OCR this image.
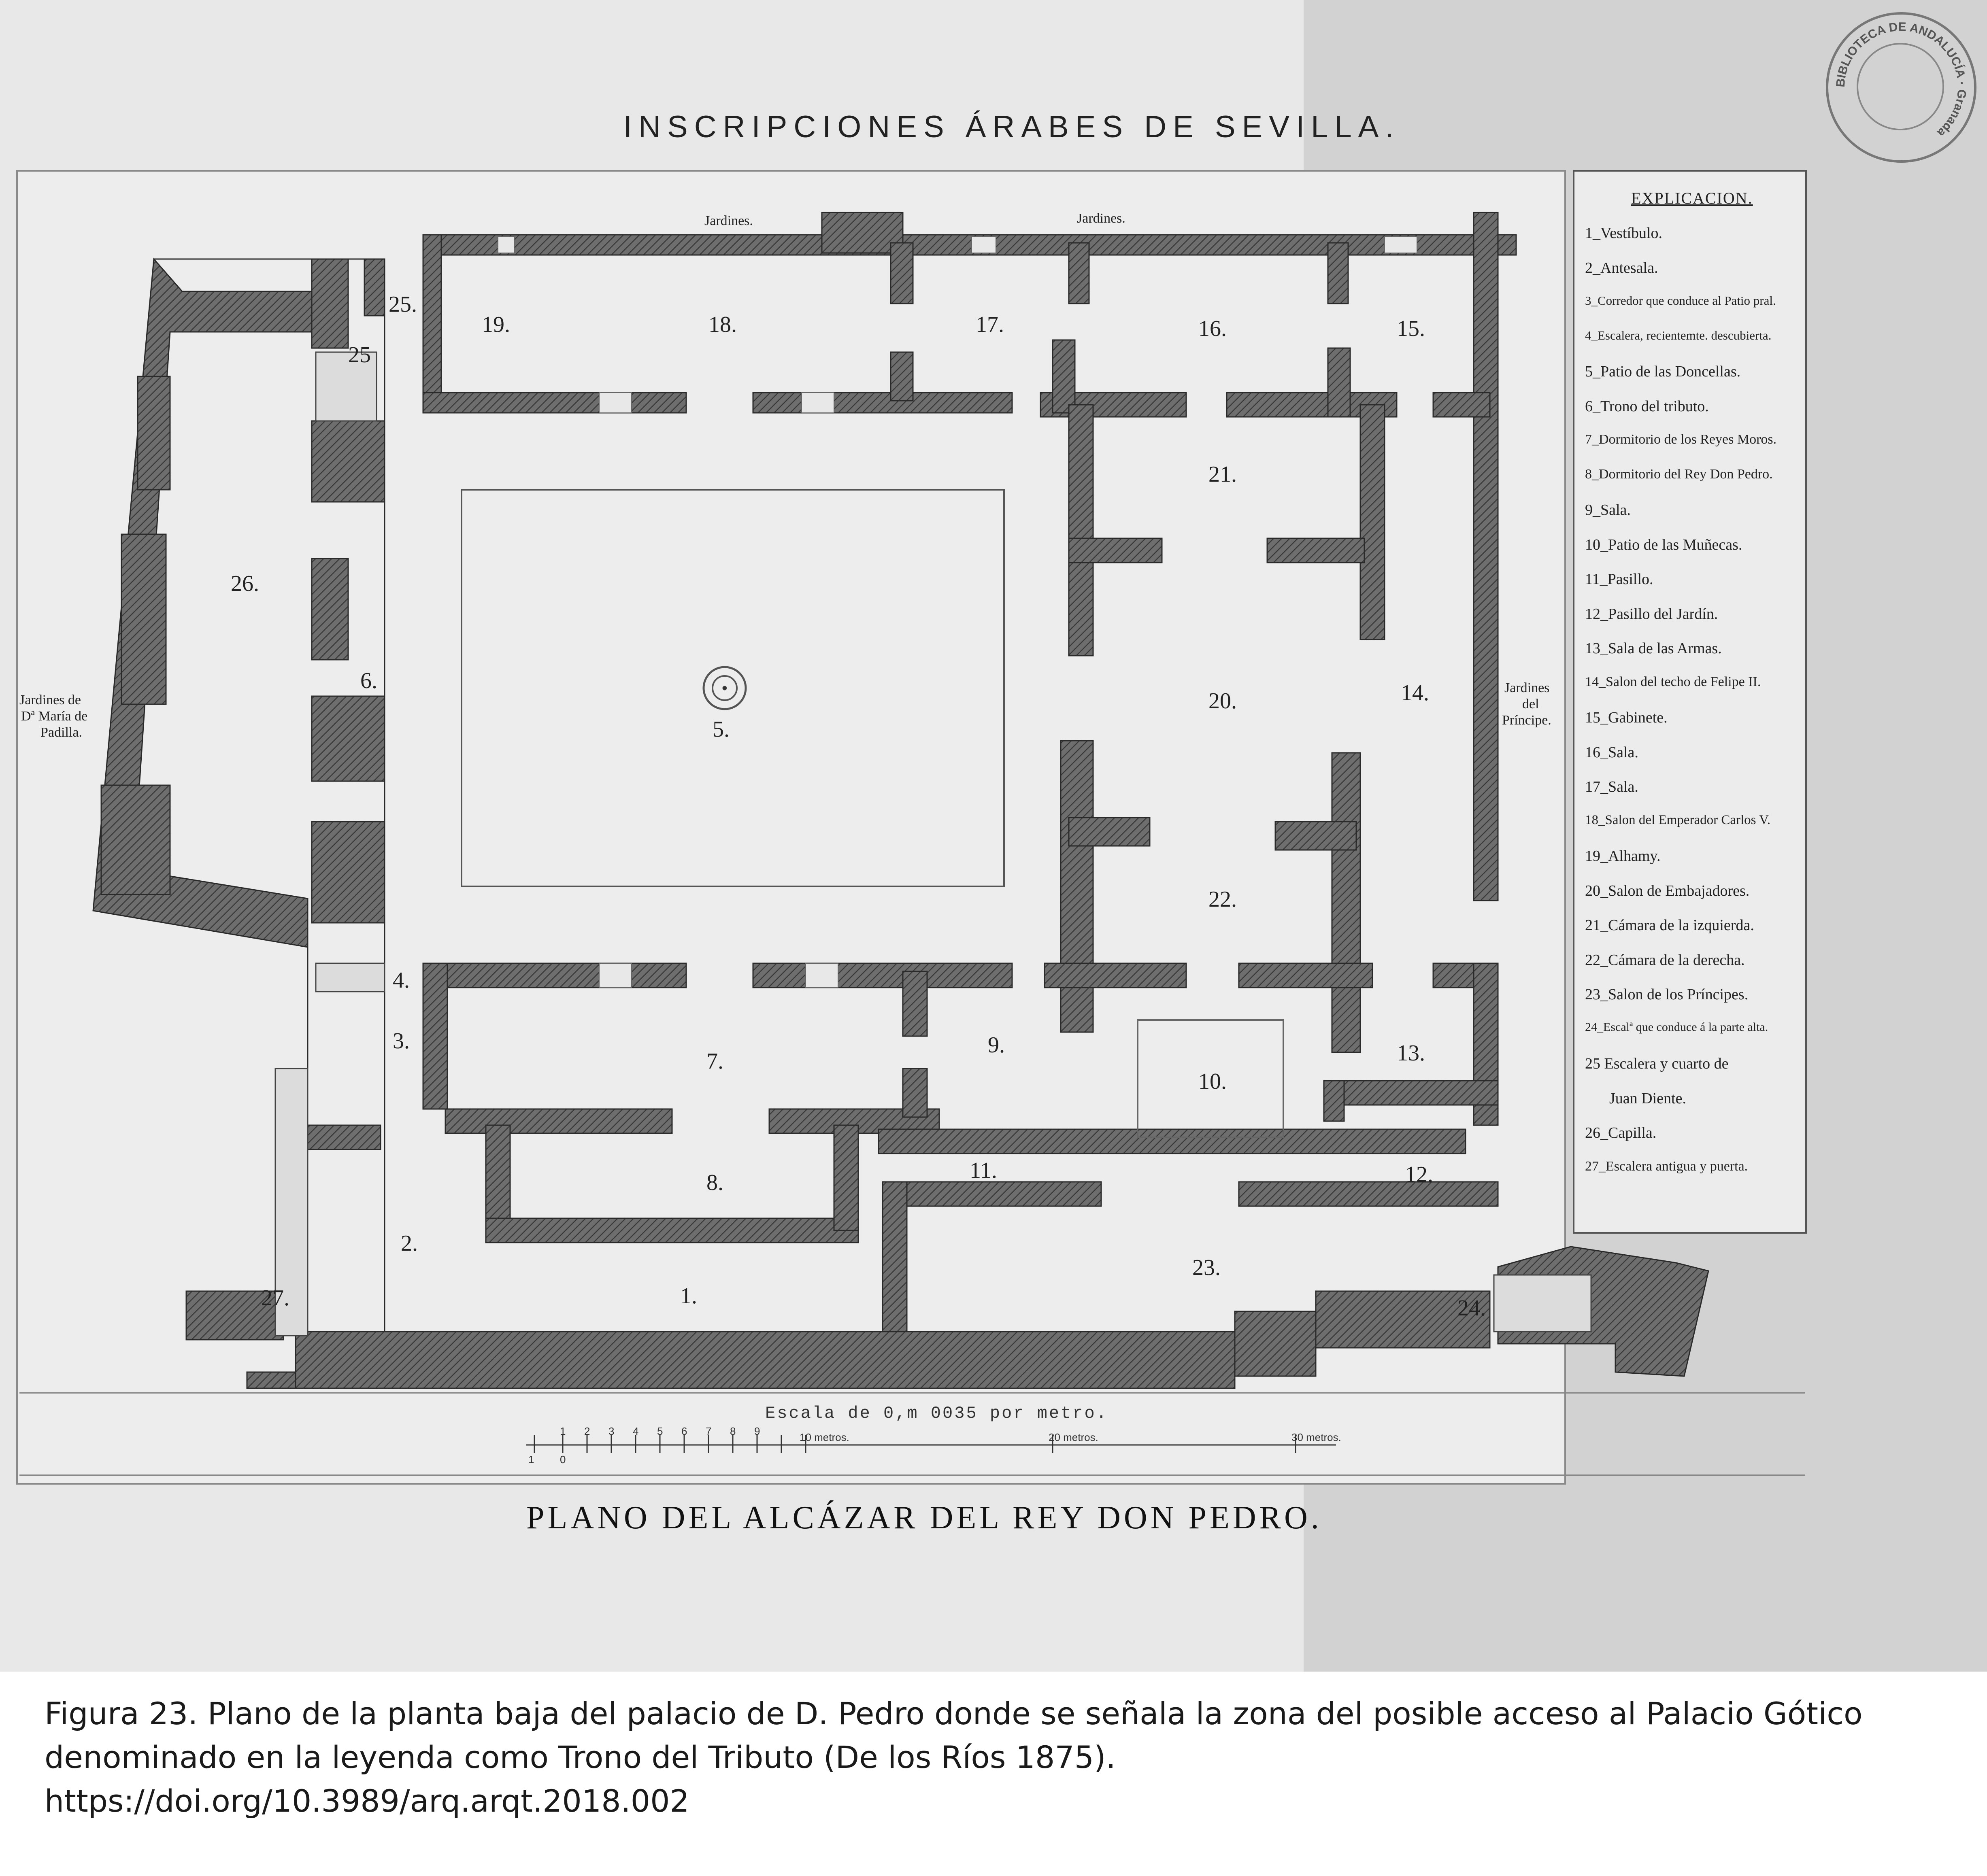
INSCRIPCIONES ÁRABES DE SEVILLA.
1.
2.
3.
4.
5.
6.
7.
8.
9.
10.
11.	12.
13.
14.
15.
16.
17.
18.
19.
20.
21.
22.
23.
24.
25.
25
26.
27.
Jardines.	Jardines.
Jardines de
Dª María de
Padilla.
Jardines
del
Príncipe.
1 0
1 2 3 4 5 6 7 8 9	10 metros.	20 metros.	30 metros.
Escala de 0,m 0035 por metro.
EXPLICACION.
1_Vestíbulo.
2_Antesala.
3_Corredor que conduce al Patio pral.
4_Escalera, recientemte. descubierta.
5_Patio de las Doncellas.
6_Trono del tributo.
7_Dormitorio de los Reyes Moros.
8_Dormitorio del Rey Don Pedro.
9_Sala.
10_Patio de las Muñecas.
11_Pasillo.
12_Pasillo del Jardín.
13_Sala de las Armas.
14_Salon del techo de Felipe II.
15_Gabinete.
16_Sala.
17_Sala.
18_Salon del Emperador Carlos V.
19_Alhamy.
20_Salon de Embajadores.
21_Cámara de la izquierda.
22_Cámara de la derecha.
23_Salon de los Príncipes.
24_Escalª que conduce á la parte alta.
25 Escalera y cuarto de
Juan Diente.
26_Capilla.
27_Escalera antigua y puerta.
BIBLIOTECA DE ANDALUCÍA · Granada
PLANO DEL ALCÁZAR DEL REY DON PEDRO.
Figura 23. Plano de la planta baja del palacio de D. Pedro donde se señala la zona del posible acceso al Palacio Gótico
denominado en la leyenda como Trono del Tributo (De los Ríos 1875).
https://doi.org/10.3989/arq.arqt.2018.002
